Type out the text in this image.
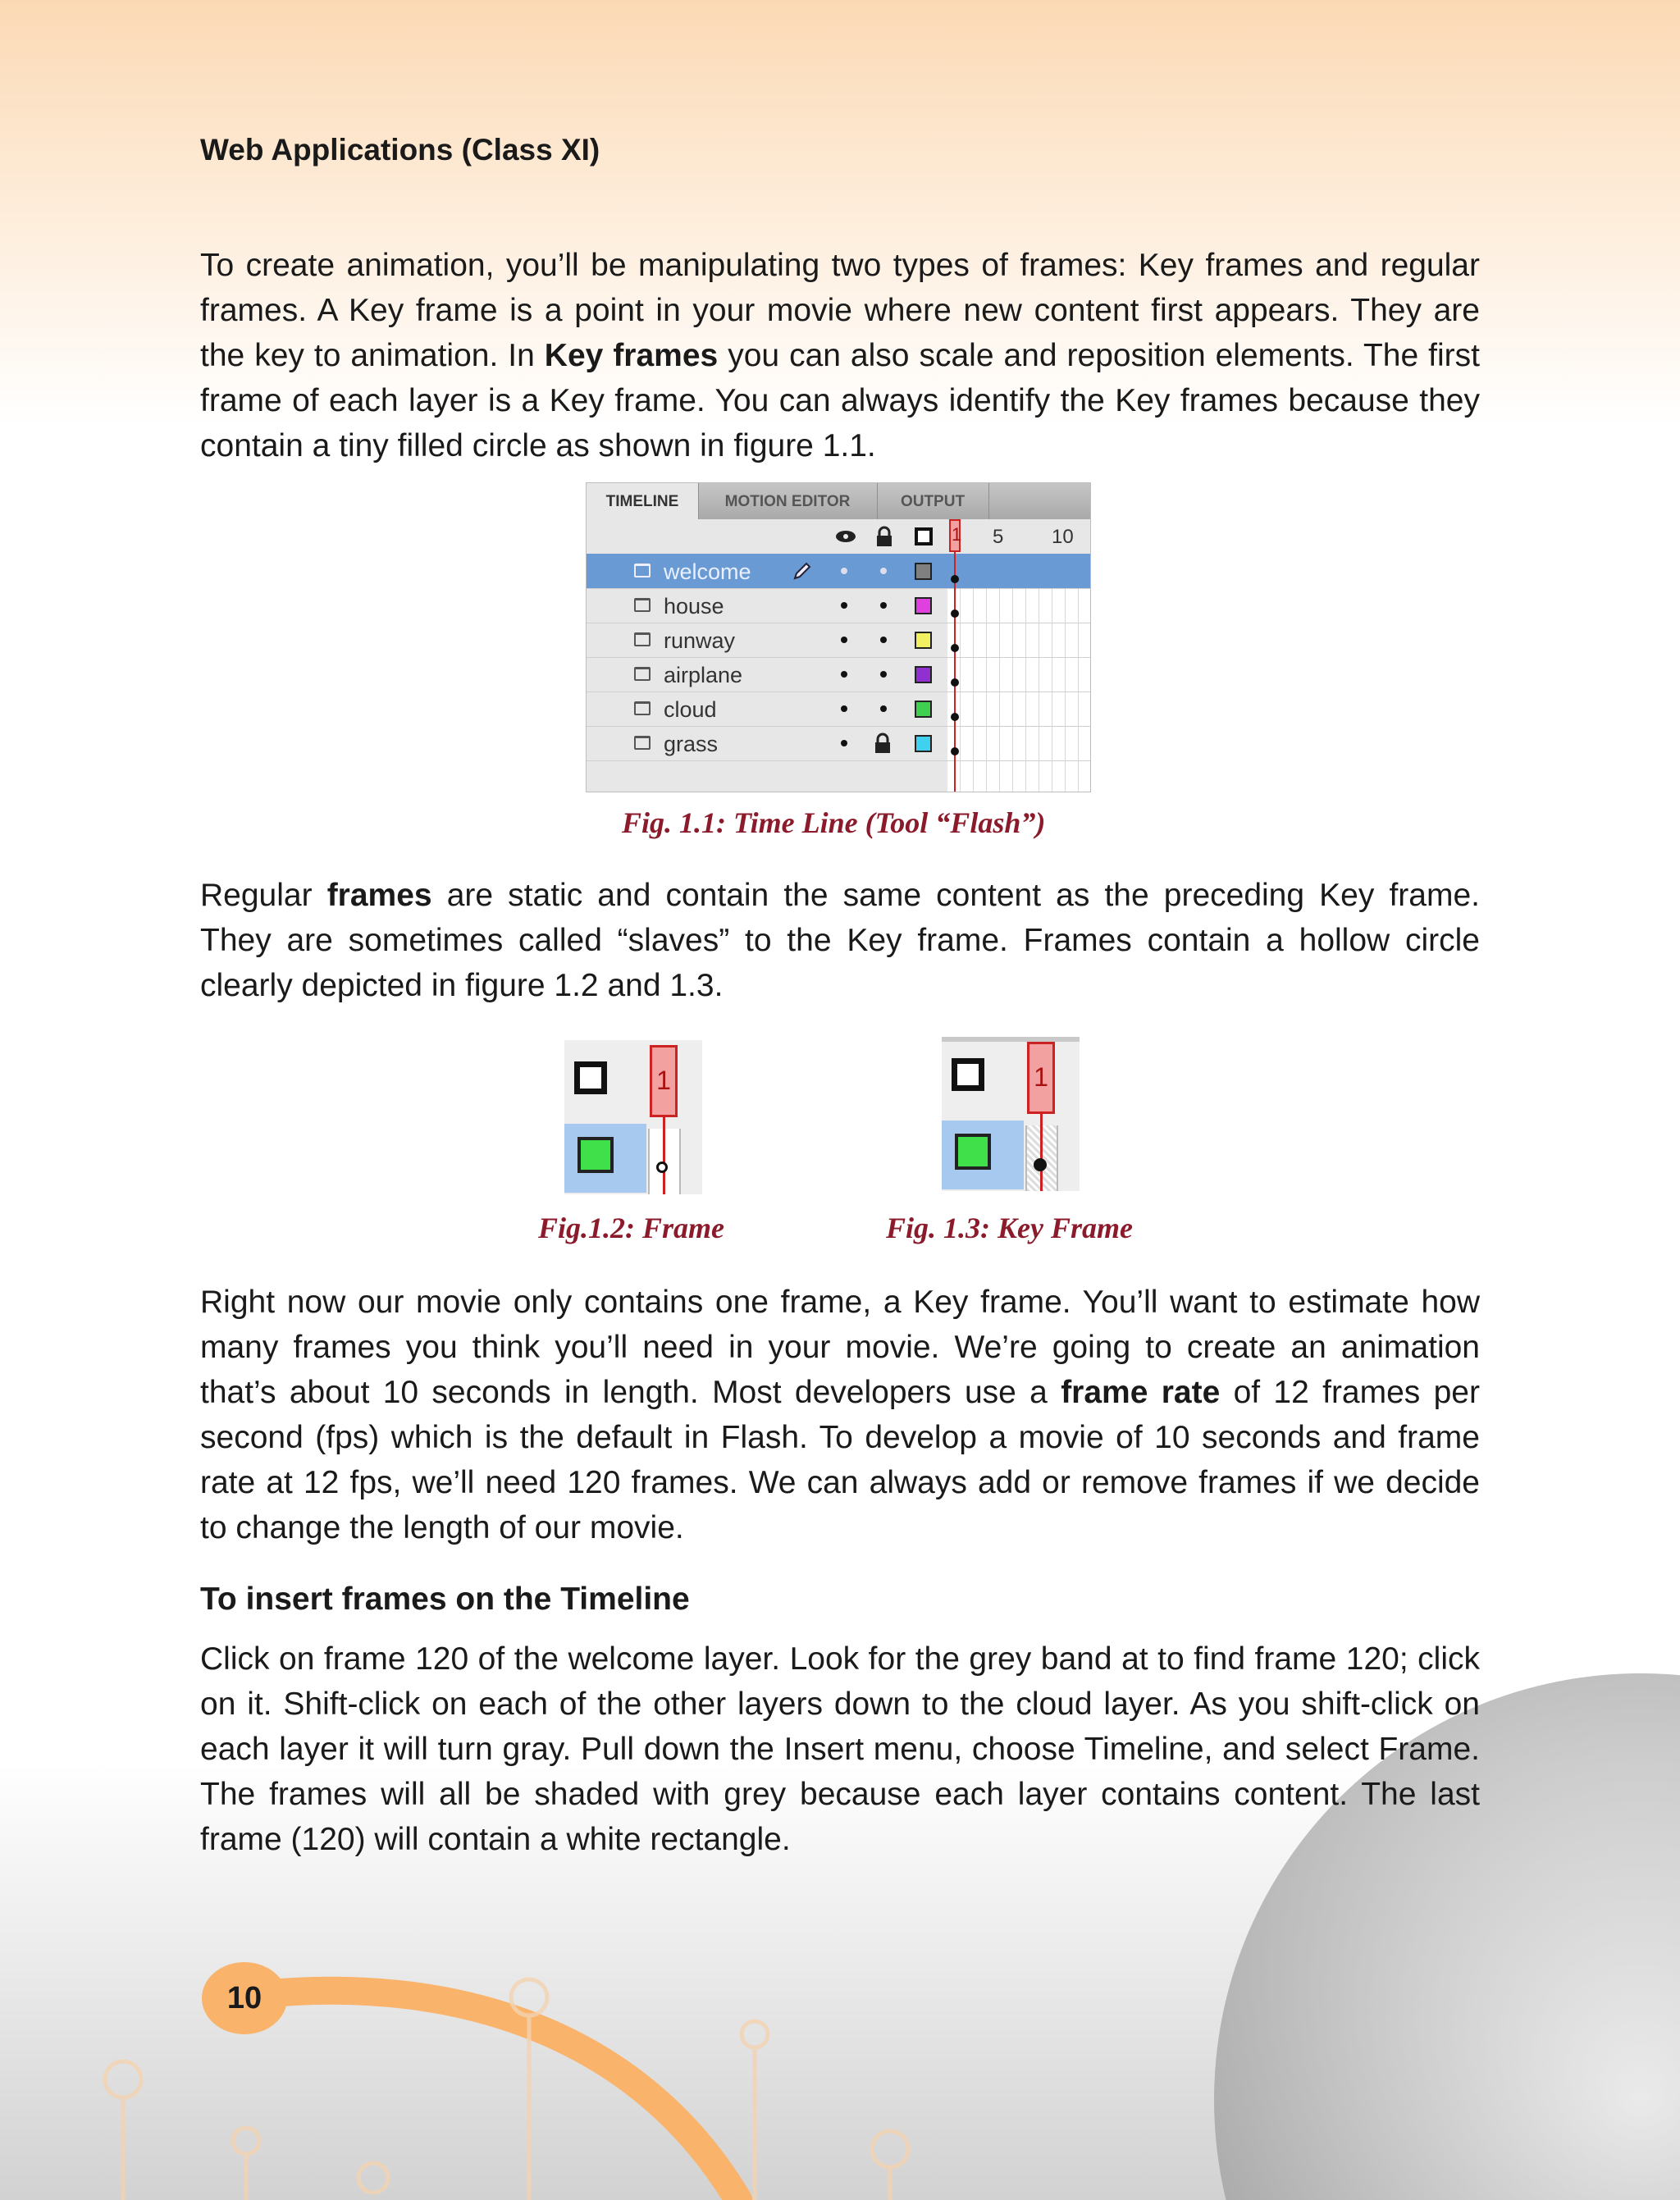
Web Applications (Class XI)

To create animation, you’ll be manipulating two types of frames: Key frames and regular frames. A Key frame is a point in your movie where new content first appears. They are the key to animation. In Key frames you can also scale and reposition elements. The first frame of each layer is a Key frame. You can always identify the Key frames because they contain a tiny filled circle as shown in figure 1.1.

TIMELINE	MOTION EDITOR	OUTPUT
5 10
welcome
house
runway
airplane
cloud
grass
1
Fig. 1.1: Time Line (Tool “Flash”)

Regular frames are static and contain the same content as the preceding Key frame. They are sometimes called “slaves” to the Key frame. Frames contain a hollow circle clearly depicted in figure 1.2 and 1.3.

1	1
Fig.1.2: Frame	Fig. 1.3: Key Frame

Right now our movie only contains one frame, a Key frame. You’ll want to estimate how many frames you think you’ll need in your movie. We’re going to create an animation that’s about 10 seconds in length. Most developers use a frame rate of 12 frames per second (fps) which is the default in Flash. To develop a movie of 10 seconds and frame rate at 12 fps, we’ll need 120 frames. We can always add or remove frames if we decide to change the length of our movie.

To insert frames on the Timeline

Click on frame 120 of the welcome layer. Look for the grey band at to find frame 120; click on it. Shift-click on each of the other layers down to the cloud layer. As you shift-click on each layer it will turn gray. Pull down the Insert menu, choose Timeline, and select Frame. The frames will all be shaded with grey because each layer contains content. The last frame (120) will contain a white rectangle.

10
